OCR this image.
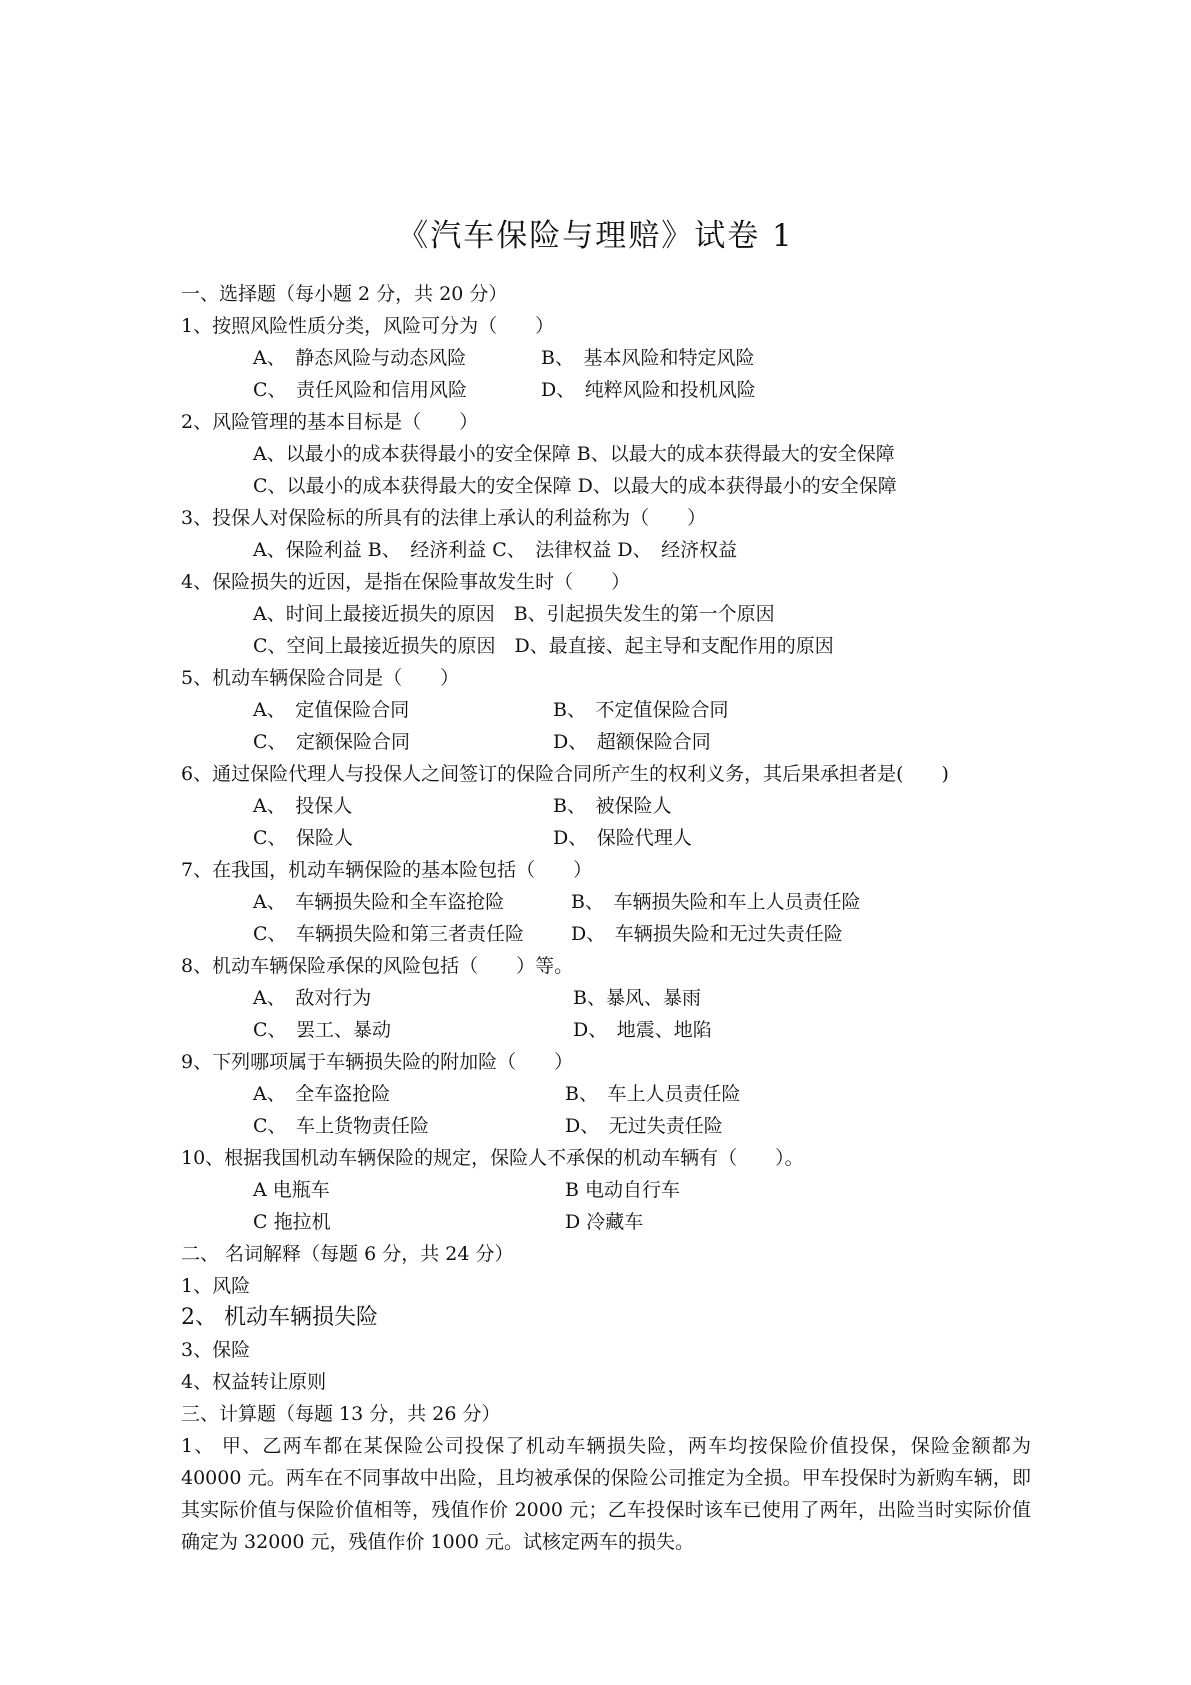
《汽车保险与理赔》试卷 1
一、选择题（每小题 2 分，共 20 分）
1、按照风险性质分类，风险可分为（　　）
A、　静态风险与动态风险	B、　基本风险和特定风险
C、　责任风险和信用风险	D、　纯粹风险和投机风险
2、风险管理的基本目标是（　　）
A、以最小的成本获得最小的安全保障 B、以最大的成本获得最大的安全保障
C、以最小的成本获得最大的安全保障 D、以最大的成本获得最小的安全保障
3、投保人对保险标的所具有的法律上承认的利益称为（　　）
A、保险利益 B、　经济利益 C、　法律权益 D、　经济权益
4、保险损失的近因，是指在保险事故发生时（　　）
A、时间上最接近损失的原因　B、引起损失发生的第一个原因
C、空间上最接近损失的原因　D、最直接、起主导和支配作用的原因
5、机动车辆保险合同是（　　）
A、　定值保险合同	B、　不定值保险合同
C、　定额保险合同	D、　超额保险合同
6、通过保险代理人与投保人之间签订的保险合同所产生的权利义务，其后果承担者是(　　)
A、　投保人	B、　被保险人
C、　保险人	D、　保险代理人
7、在我国，机动车辆保险的基本险包括（　　）
A、　车辆损失险和全车盗抢险	B、　车辆损失险和车上人员责任险
C、　车辆损失险和第三者责任险 D、　车辆损失险和无过失责任险
8、机动车辆保险承保的风险包括（　　）等。
A、　敌对行为	B、暴风、暴雨
C、　罢工、暴动	D、　地震、地陷
9、下列哪项属于车辆损失险的附加险（　　）
A、　全车盗抢险	B、　车上人员责任险
C、　车上货物责任险	D、　无过失责任险
10、根据我国机动车辆保险的规定，保险人不承保的机动车辆有（　　）。
A 电瓶车	B 电动自行车
C 拖拉机	D 冷藏车
二、 名词解释（每题 6 分，共 24 分）
1、风险
2、 机动车辆损失险
3、保险
4、权益转让原则
三、计算题（每题 13 分，共 26 分）
1、 甲、乙两车都在某保险公司投保了机动车辆损失险，两车均按保险价值投保，保险金额都为 40000 元。两车在不同事故中出险，且均被承保的保险公司推定为全损。甲车投保时为新购车辆，即其实际价值与保险价值相等，残值作价 2000 元；乙车投保时该车已使用了两年，出险当时实际价值确定为 32000 元，残值作价 1000 元。试核定两车的损失。
